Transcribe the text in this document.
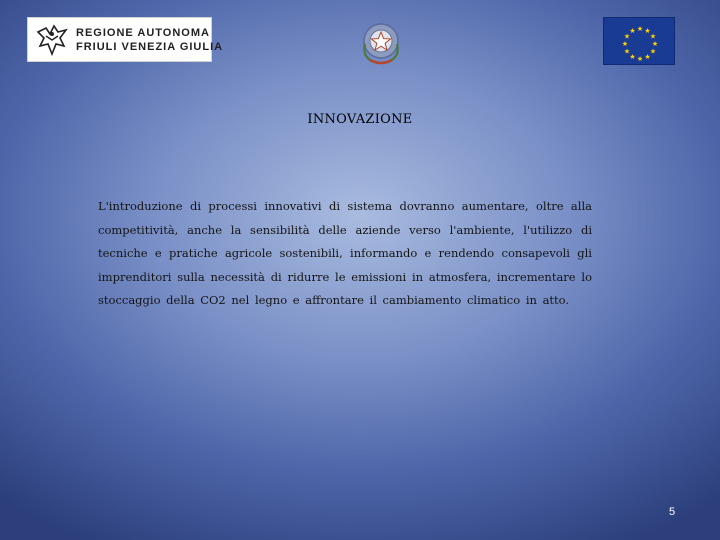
REGIONE AUTONOMA
FRIULI VENEZIA GIULIA
★ ★
★
★
★
★
★
★
★
★
★
★
INNOVAZIONE
L'introduzione di processi innovativi di sistema dovranno aumentare, oltre alla competitività, anche la sensibilità delle aziende verso l'ambiente, l'utilizzo di tecniche e pratiche agricole sostenibili, informando e rendendo consapevoli gli imprenditori sulla necessità di ridurre le emissioni in atmosfera, incrementare lo stoccaggio della CO2 nel legno e affrontare il cambiamento climatico in atto.
5
